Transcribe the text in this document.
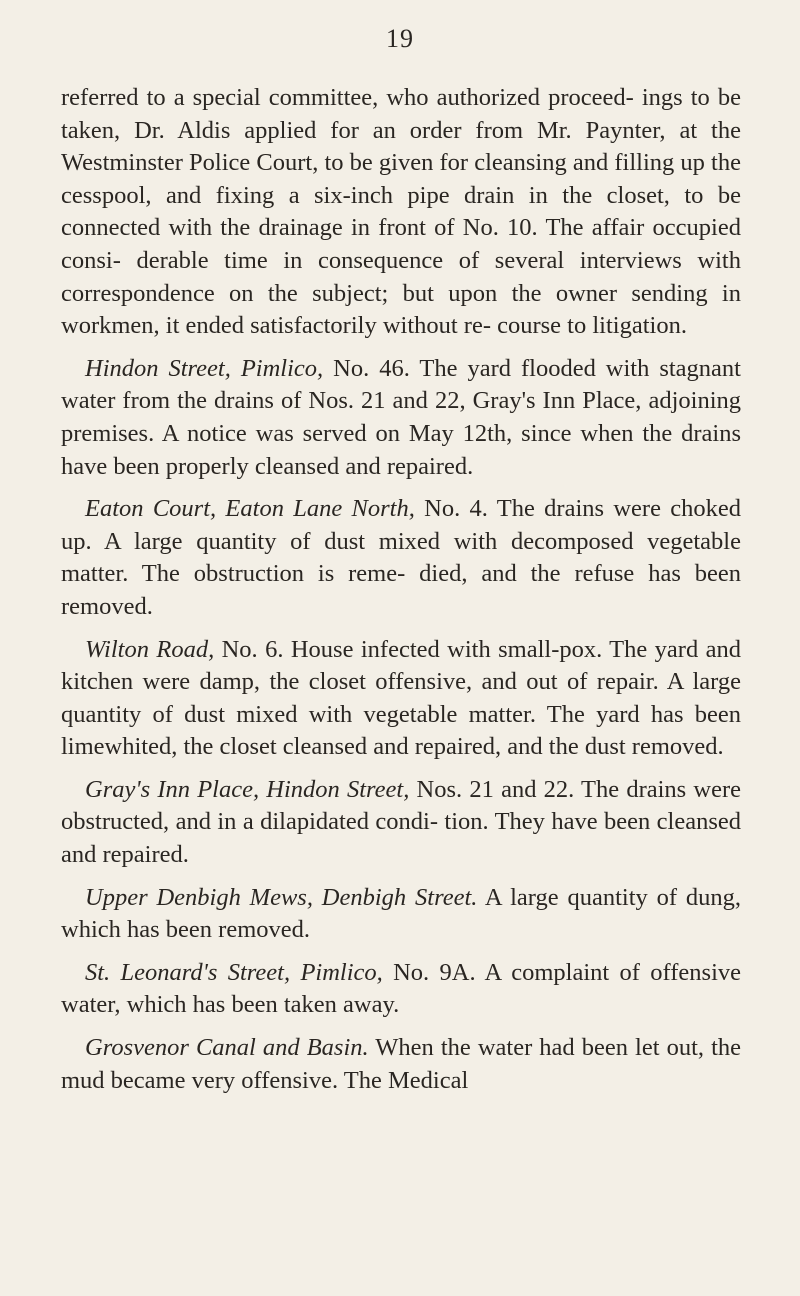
19

referred to a special committee, who authorized proceed- ings to be taken, Dr. Aldis applied for an order from Mr. Paynter, at the Westminster Police Court, to be given for cleansing and filling up the cesspool, and fixing a six-inch pipe drain in the closet, to be connected with the drainage in front of No. 10. The affair occupied consi- derable time in consequence of several interviews with correspondence on the subject; but upon the owner sending in workmen, it ended satisfactorily without re- course to litigation.

Hindon Street, Pimlico, No. 46. The yard flooded with stagnant water from the drains of Nos. 21 and 22, Gray's Inn Place, adjoining premises. A notice was served on May 12th, since when the drains have been properly cleansed and repaired.

Eaton Court, Eaton Lane North, No. 4. The drains were choked up. A large quantity of dust mixed with decomposed vegetable matter. The obstruction is reme- died, and the refuse has been removed.

Wilton Road, No. 6. House infected with small-pox. The yard and kitchen were damp, the closet offensive, and out of repair. A large quantity of dust mixed with vegetable matter. The yard has been limewhited, the closet cleansed and repaired, and the dust removed.

Gray's Inn Place, Hindon Street, Nos. 21 and 22. The drains were obstructed, and in a dilapidated condi- tion. They have been cleansed and repaired.

Upper Denbigh Mews, Denbigh Street. A large quantity of dung, which has been removed.

St. Leonard's Street, Pimlico, No. 9A. A complaint of offensive water, which has been taken away.

Grosvenor Canal and Basin. When the water had been let out, the mud became very offensive. The Medical
